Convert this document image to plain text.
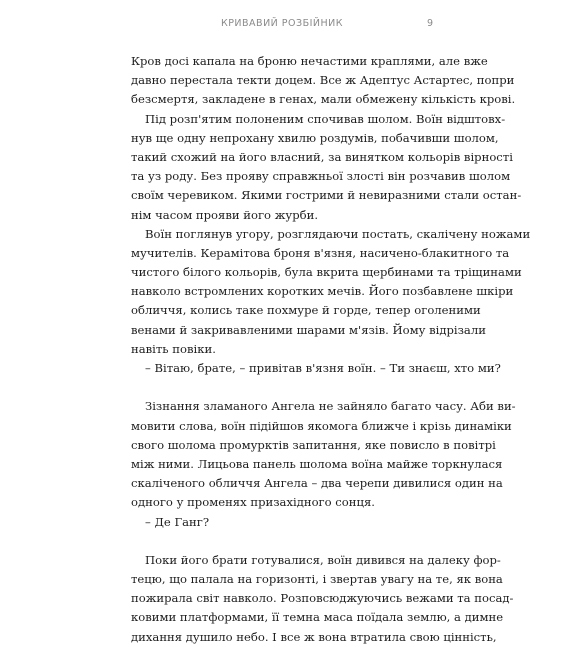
КРИВАВИЙ РОЗБІЙНИК	9
Кров досі капала на броню нечастими краплями, але вже
давно перестала текти доцем. Все ж Адептус Астартес, попри
безсмертя, закладене в генах, мали обмежену кількість крові.
Під розп'ятим полоненим спочивав шолом. Воїн відштовх-
нув ще одну непрохану хвилю роздумів, побачивши шолом,
такий схожий на його власний, за винятком кольорів вірності
та уз роду. Без прояву справжньої злості він розчавив шолом
своїм черевиком. Якими гострими й невиразними стали остан-
нім часом прояви його журби.
Воїн поглянув угору, розглядаючи постать, скалічену ножами
мучителів. Керамітова броня в'язня, насичено-блакитного та
чистого білого кольорів, була вкрита щербинами та тріщинами
навколо встромлених коротких мечів. Його позбавлене шкіри
обличчя, колись таке похмуре й горде, тепер оголеними
венами й закривавленими шарами м'язів. Йому відрізали
навіть повіки.
– Вітаю, брате, – привітав в'язня воїн. – Ти знаєш, хто ми?
Зізнання зламаного Ангела не зайняло багато часу. Аби ви-
мовити слова, воїн підійшов якомога ближче і крізь динаміки
свого шолома промурктів запитання, яке повисло в повітрі
між ними. Лицьова панель шолома воїна майже торкнулася
скаліченого обличчя Ангела – два черепи дивилися один на
одного у променях призахідного сонця.
– Де Ганг?
Поки його брати готувалися, воїн дивився на далеку фор-
тецю, що палала на горизонті, і звертав увагу на те, як вона
пожирала світ навколо. Розповсюджуючись вежами та посад-
ковими платформами, її темна маса поїдала землю, а димне
дихання душило небо. І все ж вона втратила свою цінність,
